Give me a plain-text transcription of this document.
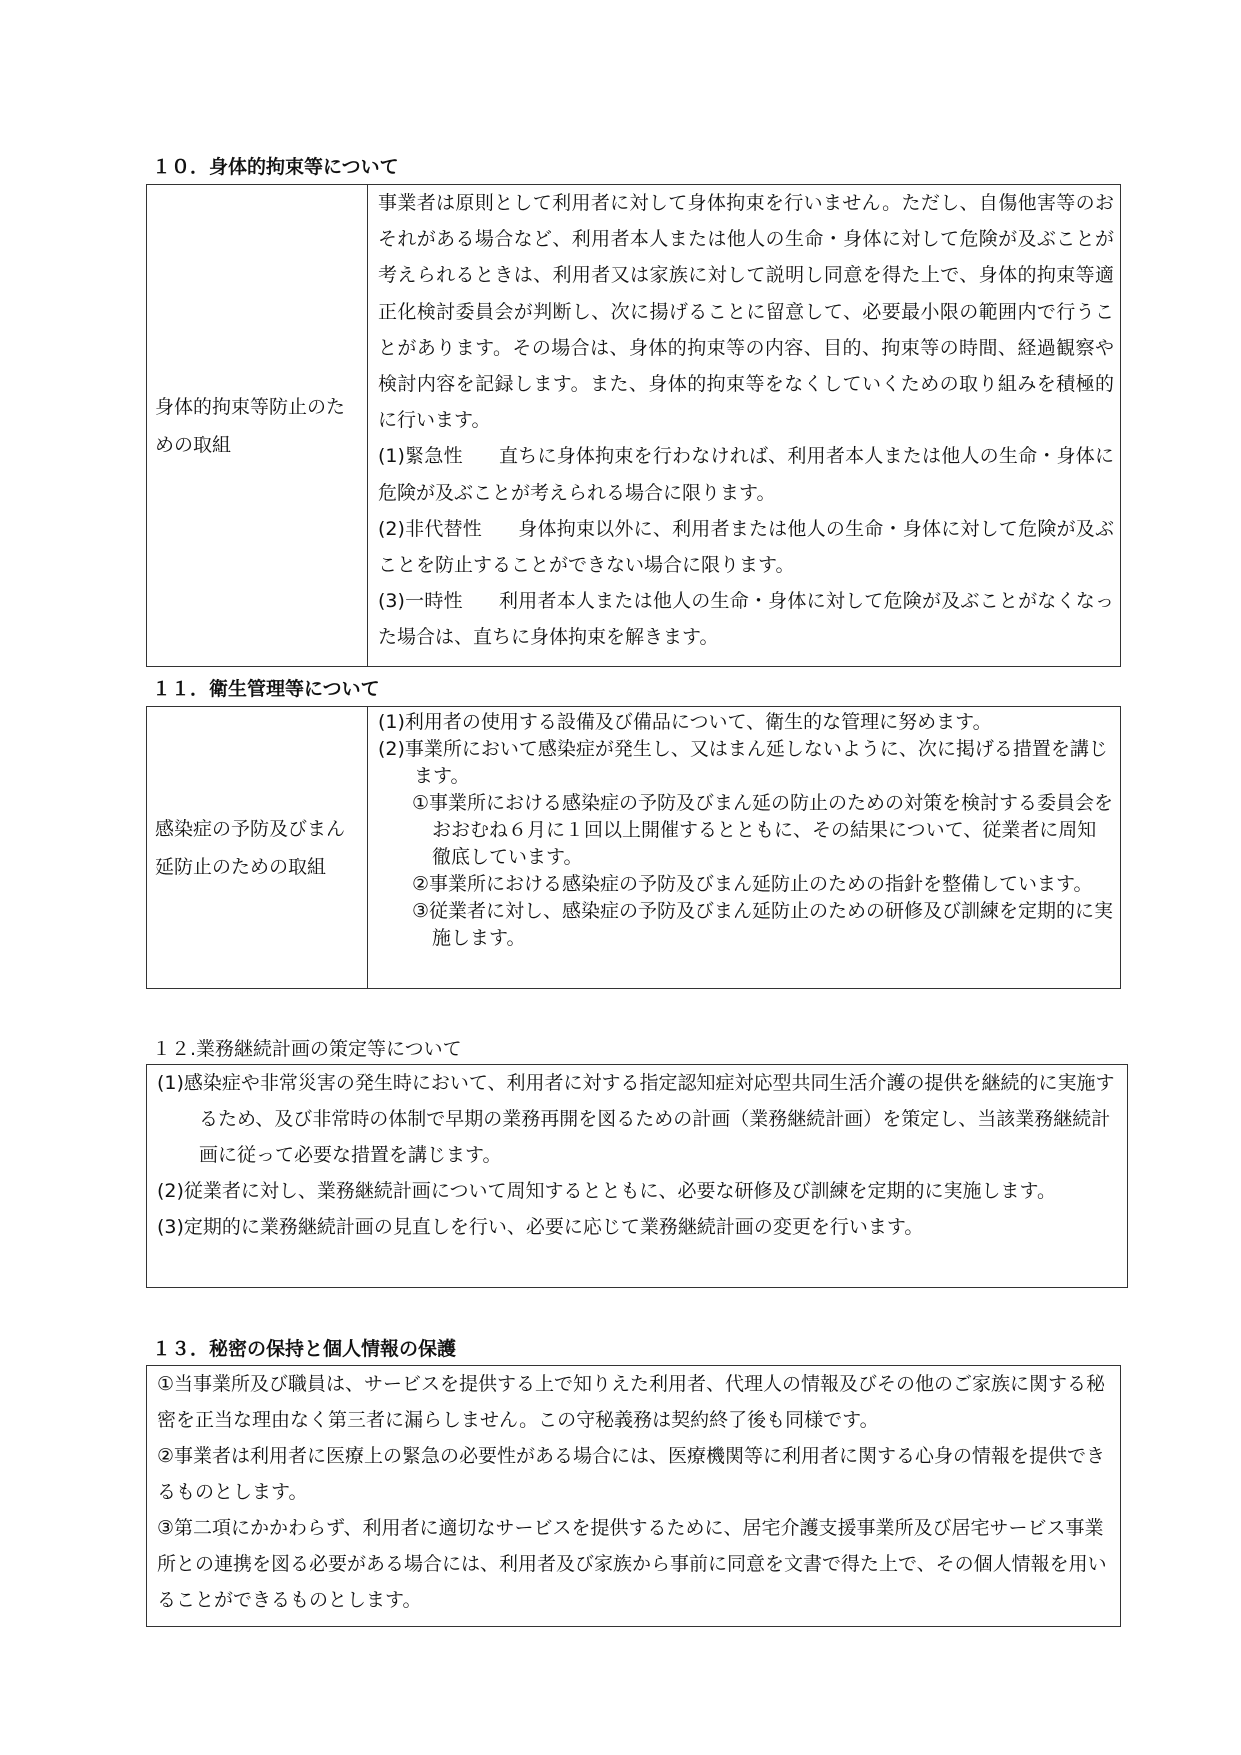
１０．身体的拘束等について
身体的拘束等防止のための取組

事業者は原則として利用者に対して身体拘束を行いません。ただし、自傷他害等のおそれがある場合など、利用者本人または他人の生命・身体に対して危険が及ぶことが考えられるときは、利用者又は家族に対して説明し同意を得た上で、身体的拘束等適正化検討委員会が判断し、次に揚げることに留意して、必要最小限の範囲内で行うことがあります。その場合は、身体的拘束等の内容、目的、拘束等の時間、経過観察や検討内容を記録します。また、身体的拘束等をなくしていくための取り組みを積極的に行います。

(1)緊急性 直ちに身体拘束を行わなければ、利用者本人または他人の生命・身体に危険が及ぶことが考えられる場合に限ります。

(2)非代替性 身体拘束以外に、利用者または他人の生命・身体に対して危険が及ぶことを防止することができない場合に限ります。

(3)一時性 利用者本人または他人の生命・身体に対して危険が及ぶことがなくなった場合は、直ちに身体拘束を解きます。

１１．衛生管理等について
感染症の予防及びまん延防止のための取組

(1)利用者の使用する設備及び備品について、衛生的な管理に努めます。

(2)事業所において感染症が発生し、又はまん延しないように、次に掲げる措置を講じます。

①事業所における感染症の予防及びまん延の防止のための対策を検討する委員会をおおむね６月に１回以上開催するとともに、その結果について、従業者に周知徹底しています。

②事業所における感染症の予防及びまん延防止のための指針を整備しています。

③従業者に対し、感染症の予防及びまん延防止のための研修及び訓練を定期的に実施します。

１２.業務継続計画の策定等について

(1)感染症や非常災害の発生時において、利用者に対する指定認知症対応型共同生活介護の提供を継続的に実施するため、及び非常時の体制で早期の業務再開を図るための計画（業務継続計画）を策定し、当該業務継続計画に従って必要な措置を講じます。

(2)従業者に対し、業務継続計画について周知するとともに、必要な研修及び訓練を定期的に実施します。

(3)定期的に業務継続計画の見直しを行い、必要に応じて業務継続計画の変更を行います。

１３．秘密の保持と個人情報の保護

①当事業所及び職員は、サービスを提供する上で知りえた利用者、代理人の情報及びその他のご家族に関する秘密を正当な理由なく第三者に漏らしません。この守秘義務は契約終了後も同様です。

②事業者は利用者に医療上の緊急の必要性がある場合には、医療機関等に利用者に関する心身の情報を提供できるものとします。

③第二項にかかわらず、利用者に適切なサービスを提供するために、居宅介護支援事業所及び居宅サービス事業所との連携を図る必要がある場合には、利用者及び家族から事前に同意を文書で得た上で、その個人情報を用いることができるものとします。
